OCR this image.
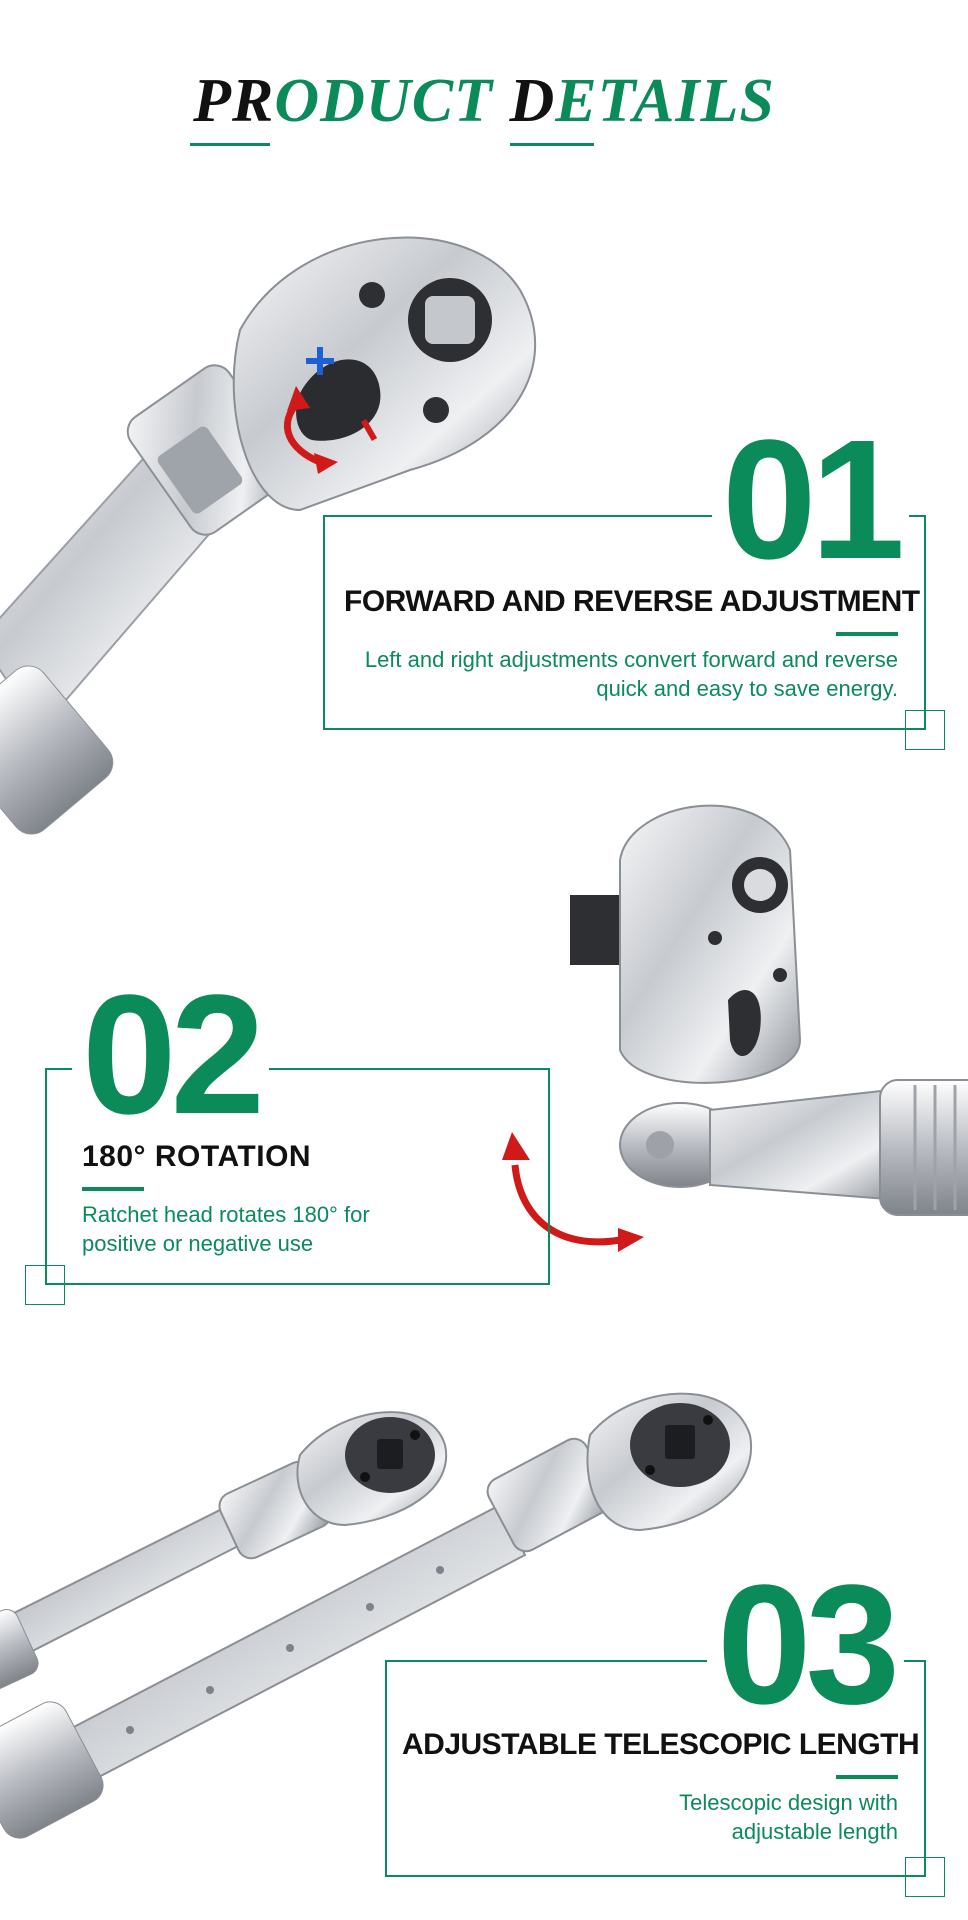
PRODUCT DETAILS
01
FORWARD AND REVERSE ADJUSTMENT
Left and right adjustments convert forward and reverse
quick and easy to save energy.
02
180° ROTATION
Ratchet head rotates 180° for
positive or negative use
03
ADJUSTABLE TELESCOPIC LENGTH
Telescopic design with
adjustable length
